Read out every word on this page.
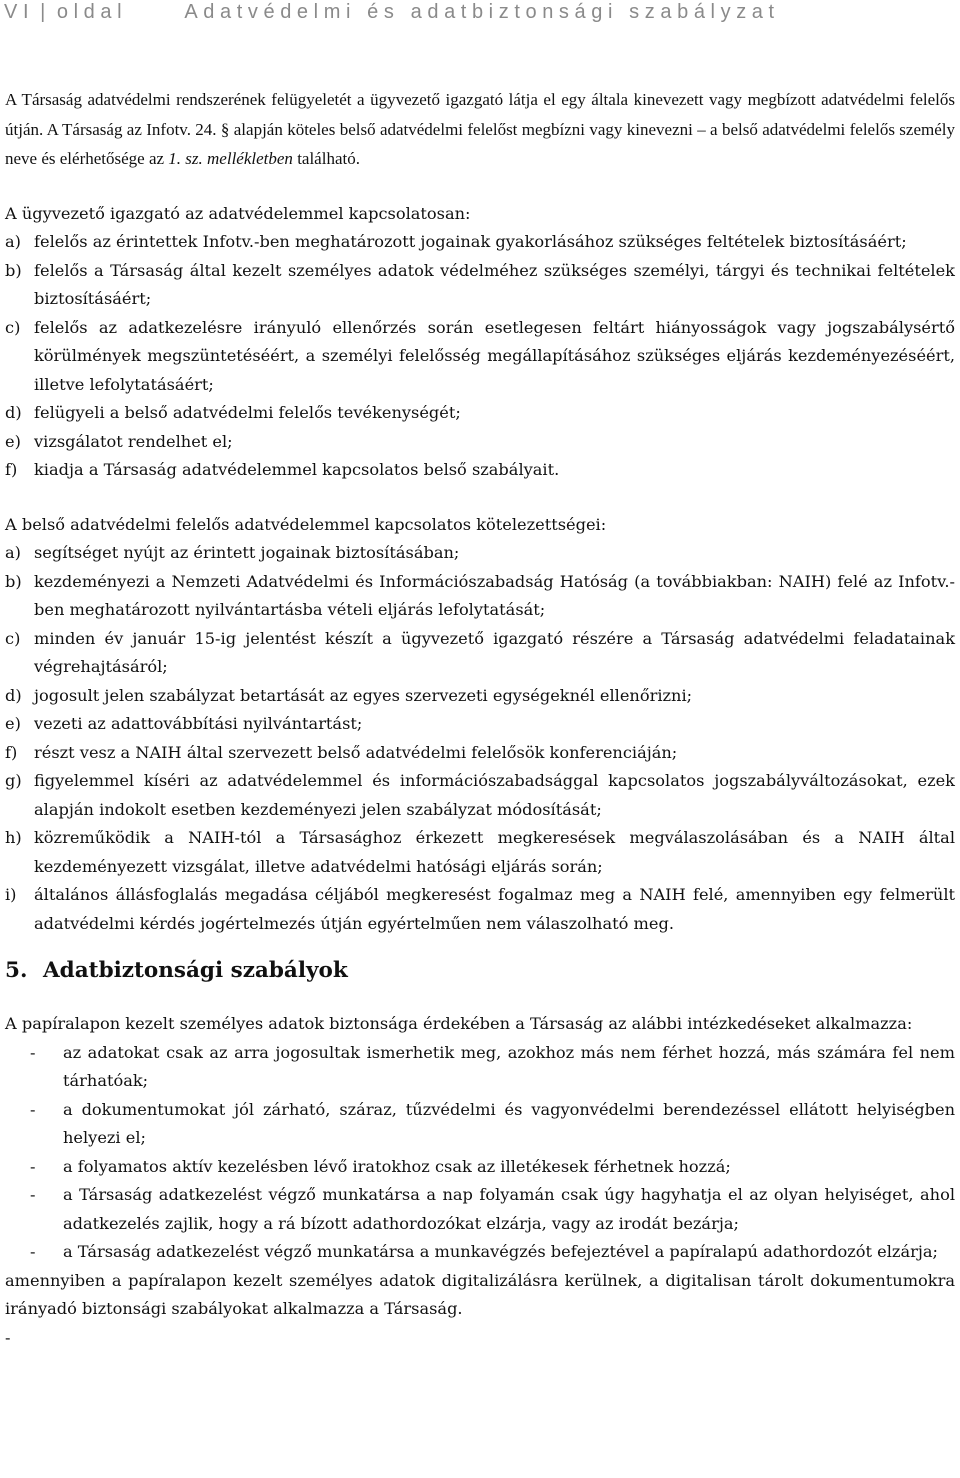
VI | oldal	Adatvédelmi és adatbiztonsági szabályzat

A Társaság adatvédelmi rendszerének felügyeletét a ügyvezető igazgató látja el egy általa kinevezett vagy megbízott adatvédelmi felelős útján. A Társaság az Infotv. 24. § alapján köteles belső adatvédelmi felelőst megbízni vagy kinevezni – a belső adatvédelmi felelős személy neve és elérhetősége az 1. sz. mellékletben található.

A ügyvezető igazgató az adatvédelemmel kapcsolatosan:

a) felelős az érintettek Infotv.-ben meghatározott jogainak gyakorlásához szükséges feltételek biztosításáért;
b) felelős a Társaság által kezelt személyes adatok védelméhez szükséges személyi, tárgyi és technikai feltételek biztosításáért;
c) felelős az adatkezelésre irányuló ellenőrzés során esetlegesen feltárt hiányosságok vagy jogszabálysértő körülmények megszüntetéséért, a személyi felelősség megállapításához szükséges eljárás kezdeményezéséért, illetve lefolytatásáért;
d) felügyeli a belső adatvédelmi felelős tevékenységét;
e) vizsgálatot rendelhet el;
f)	kiadja a Társaság adatvédelemmel kapcsolatos belső szabályait.

A belső adatvédelmi felelős adatvédelemmel kapcsolatos kötelezettségei:

a) segítséget nyújt az érintett jogainak biztosításában;
b) kezdeményezi a Nemzeti Adatvédelmi és Információszabadság Hatóság (a továbbiakban: NAIH) felé az Infotv.-ben meghatározott nyilvántartásba vételi eljárás lefolytatását;
c) minden év január 15-ig jelentést készít a ügyvezető igazgató részére a Társaság adatvédelmi feladatainak végrehajtásáról;
d) jogosult jelen szabályzat betartását az egyes szervezeti egységeknél ellenőrizni;
e) vezeti az adattovábbítási nyilvántartást;
f)	részt vesz a NAIH által szervezett belső adatvédelmi felelősök konferenciáján;
g) figyelemmel kíséri az adatvédelemmel és információszabadsággal kapcsolatos jogszabályváltozásokat, ezek alapján indokolt esetben kezdeményezi jelen szabályzat módosítását;
h) közreműködik a NAIH-tól a Társasághoz érkezett megkeresések megválaszolásában és a NAIH által kezdeményezett vizsgálat, illetve adatvédelmi hatósági eljárás során;
i)	általános állásfoglalás megadása céljából megkeresést fogalmaz meg a NAIH felé, amennyiben egy felmerült adatvédelmi kérdés jogértelmezés útján egyértelműen nem válaszolható meg.
5. Adatbiztonsági szabályok

A papíralapon kezelt személyes adatok biztonsága érdekében a Társaság az alábbi intézkedéseket alkalmazza:

-	az adatokat csak az arra jogosultak ismerhetik meg, azokhoz más nem férhet hozzá, más számára fel nem tárhatóak;
-	a dokumentumokat jól zárható, száraz, tűzvédelmi és vagyonvédelmi berendezéssel ellátott helyiségben helyezi el;
-	a folyamatos aktív kezelésben lévő iratokhoz csak az illetékesek férhetnek hozzá;
-	a Társaság adatkezelést végző munkatársa a nap folyamán csak úgy hagyhatja el az olyan helyiséget, ahol adatkezelés zajlik, hogy a rá bízott adathordozókat elzárja, vagy az irodát bezárja;
-	a Társaság adatkezelést végző munkatársa a munkavégzés befejeztével a papíralapú adathordozót elzárja;

amennyiben a papíralapon kezelt személyes adatok digitalizálásra kerülnek, a digitalisan tárolt dokumentumokra irányadó biztonsági szabályokat alkalmazza a Társaság.

-
